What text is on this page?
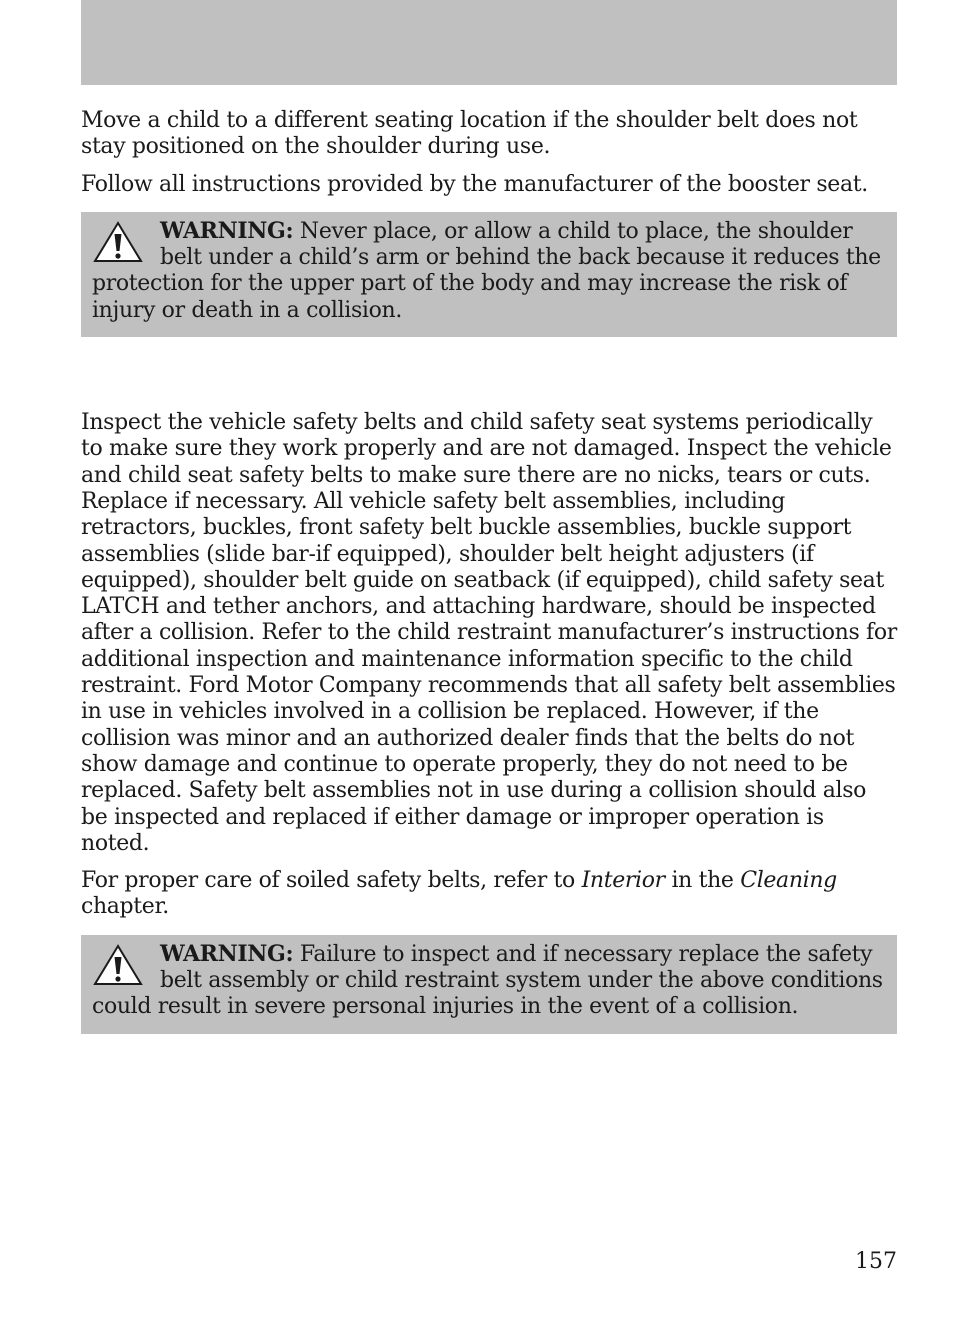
Move a child to a different seating location if the shoulder belt does not stay positioned on the shoulder during use.

Follow all instructions provided by the manufacturer of the booster seat.

WARNING: Never place, or allow a child to place, the shoulder belt under a child’s arm or behind the back because it reduces the protection for the upper part of the body and may increase the risk of injury or death in a collision.

Inspect the vehicle safety belts and child safety seat systems periodically to make sure they work properly and are not damaged. Inspect the vehicle and child seat safety belts to make sure there are no nicks, tears or cuts. Replace if necessary. All vehicle safety belt assemblies, including retractors, buckles, front safety belt buckle assemblies, buckle support assemblies (slide bar-if equipped), shoulder belt height adjusters (if equipped), shoulder belt guide on seatback (if equipped), child safety seat LATCH and tether anchors, and attaching hardware, should be inspected after a collision. Refer to the child restraint manufacturer’s instructions for additional inspection and maintenance information specific to the child restraint. Ford Motor Company recommends that all safety belt assemblies in use in vehicles involved in a collision be replaced. However, if the collision was minor and an authorized dealer finds that the belts do not show damage and continue to operate properly, they do not need to be replaced. Safety belt assemblies not in use during a collision should also be inspected and replaced if either damage or improper operation is noted.

For proper care of soiled safety belts, refer to Interior in the Cleaning chapter.

WARNING: Failure to inspect and if necessary replace the safety belt assembly or child restraint system under the above conditions could result in severe personal injuries in the event of a collision.
157
